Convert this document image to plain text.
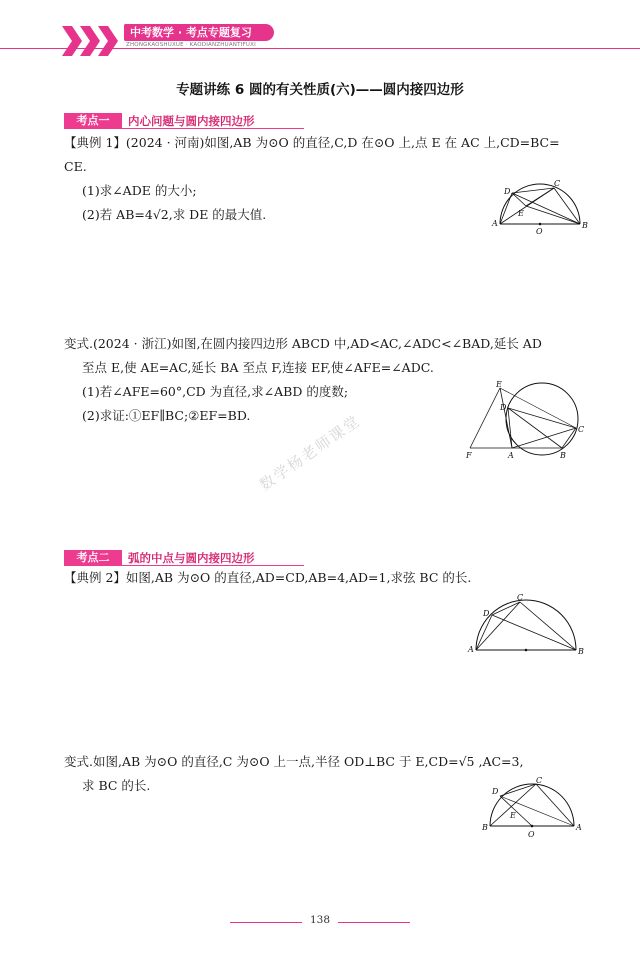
中考数学 · 考点专题复习
ZHONGKAOSHUXUE · KAODIANZHUANTIFUXI
专题讲练 6 圆的有关性质(六)——圆内接四边形
考点一	内心问题与圆内接四边形
【典例 1】(2024 · 河南)如图,AB 为⊙O 的直径,C,D 在⊙O 上,点 E 在 AC 上,CD=BC=
CE.
(1)求∠ADE 的大小;
(2)若 AB=4√2,求 DE 的最大值.
A	B
C
D
E
O
变式.(2024 · 浙江)如图,在圆内接四边形 ABCD 中,AD<AC,∠ADC<∠BAD,延长 AD
至点 E,使 AE=AC,延长 BA 至点 F,连接 EF,使∠AFE=∠ADC.
(1)若∠AFE=60°,CD 为直径,求∠ABD 的度数;
(2)求证:①EF∥BC;②EF=BD.
F	A	B
C
D
E
数学杨老师课堂
考点二	弧的中点与圆内接四边形
【典例 2】如图,AB 为⊙O 的直径,AD=CD,AB=4,AD=1,求弦 BC 的长.
A	B
C
D
变式.如图,AB 为⊙O 的直径,C 为⊙O 上一点,半径 OD⊥BC 于 E,CD=√5 ,AC=3,
求 BC 的长.
B	A
C
D
E
O
138
